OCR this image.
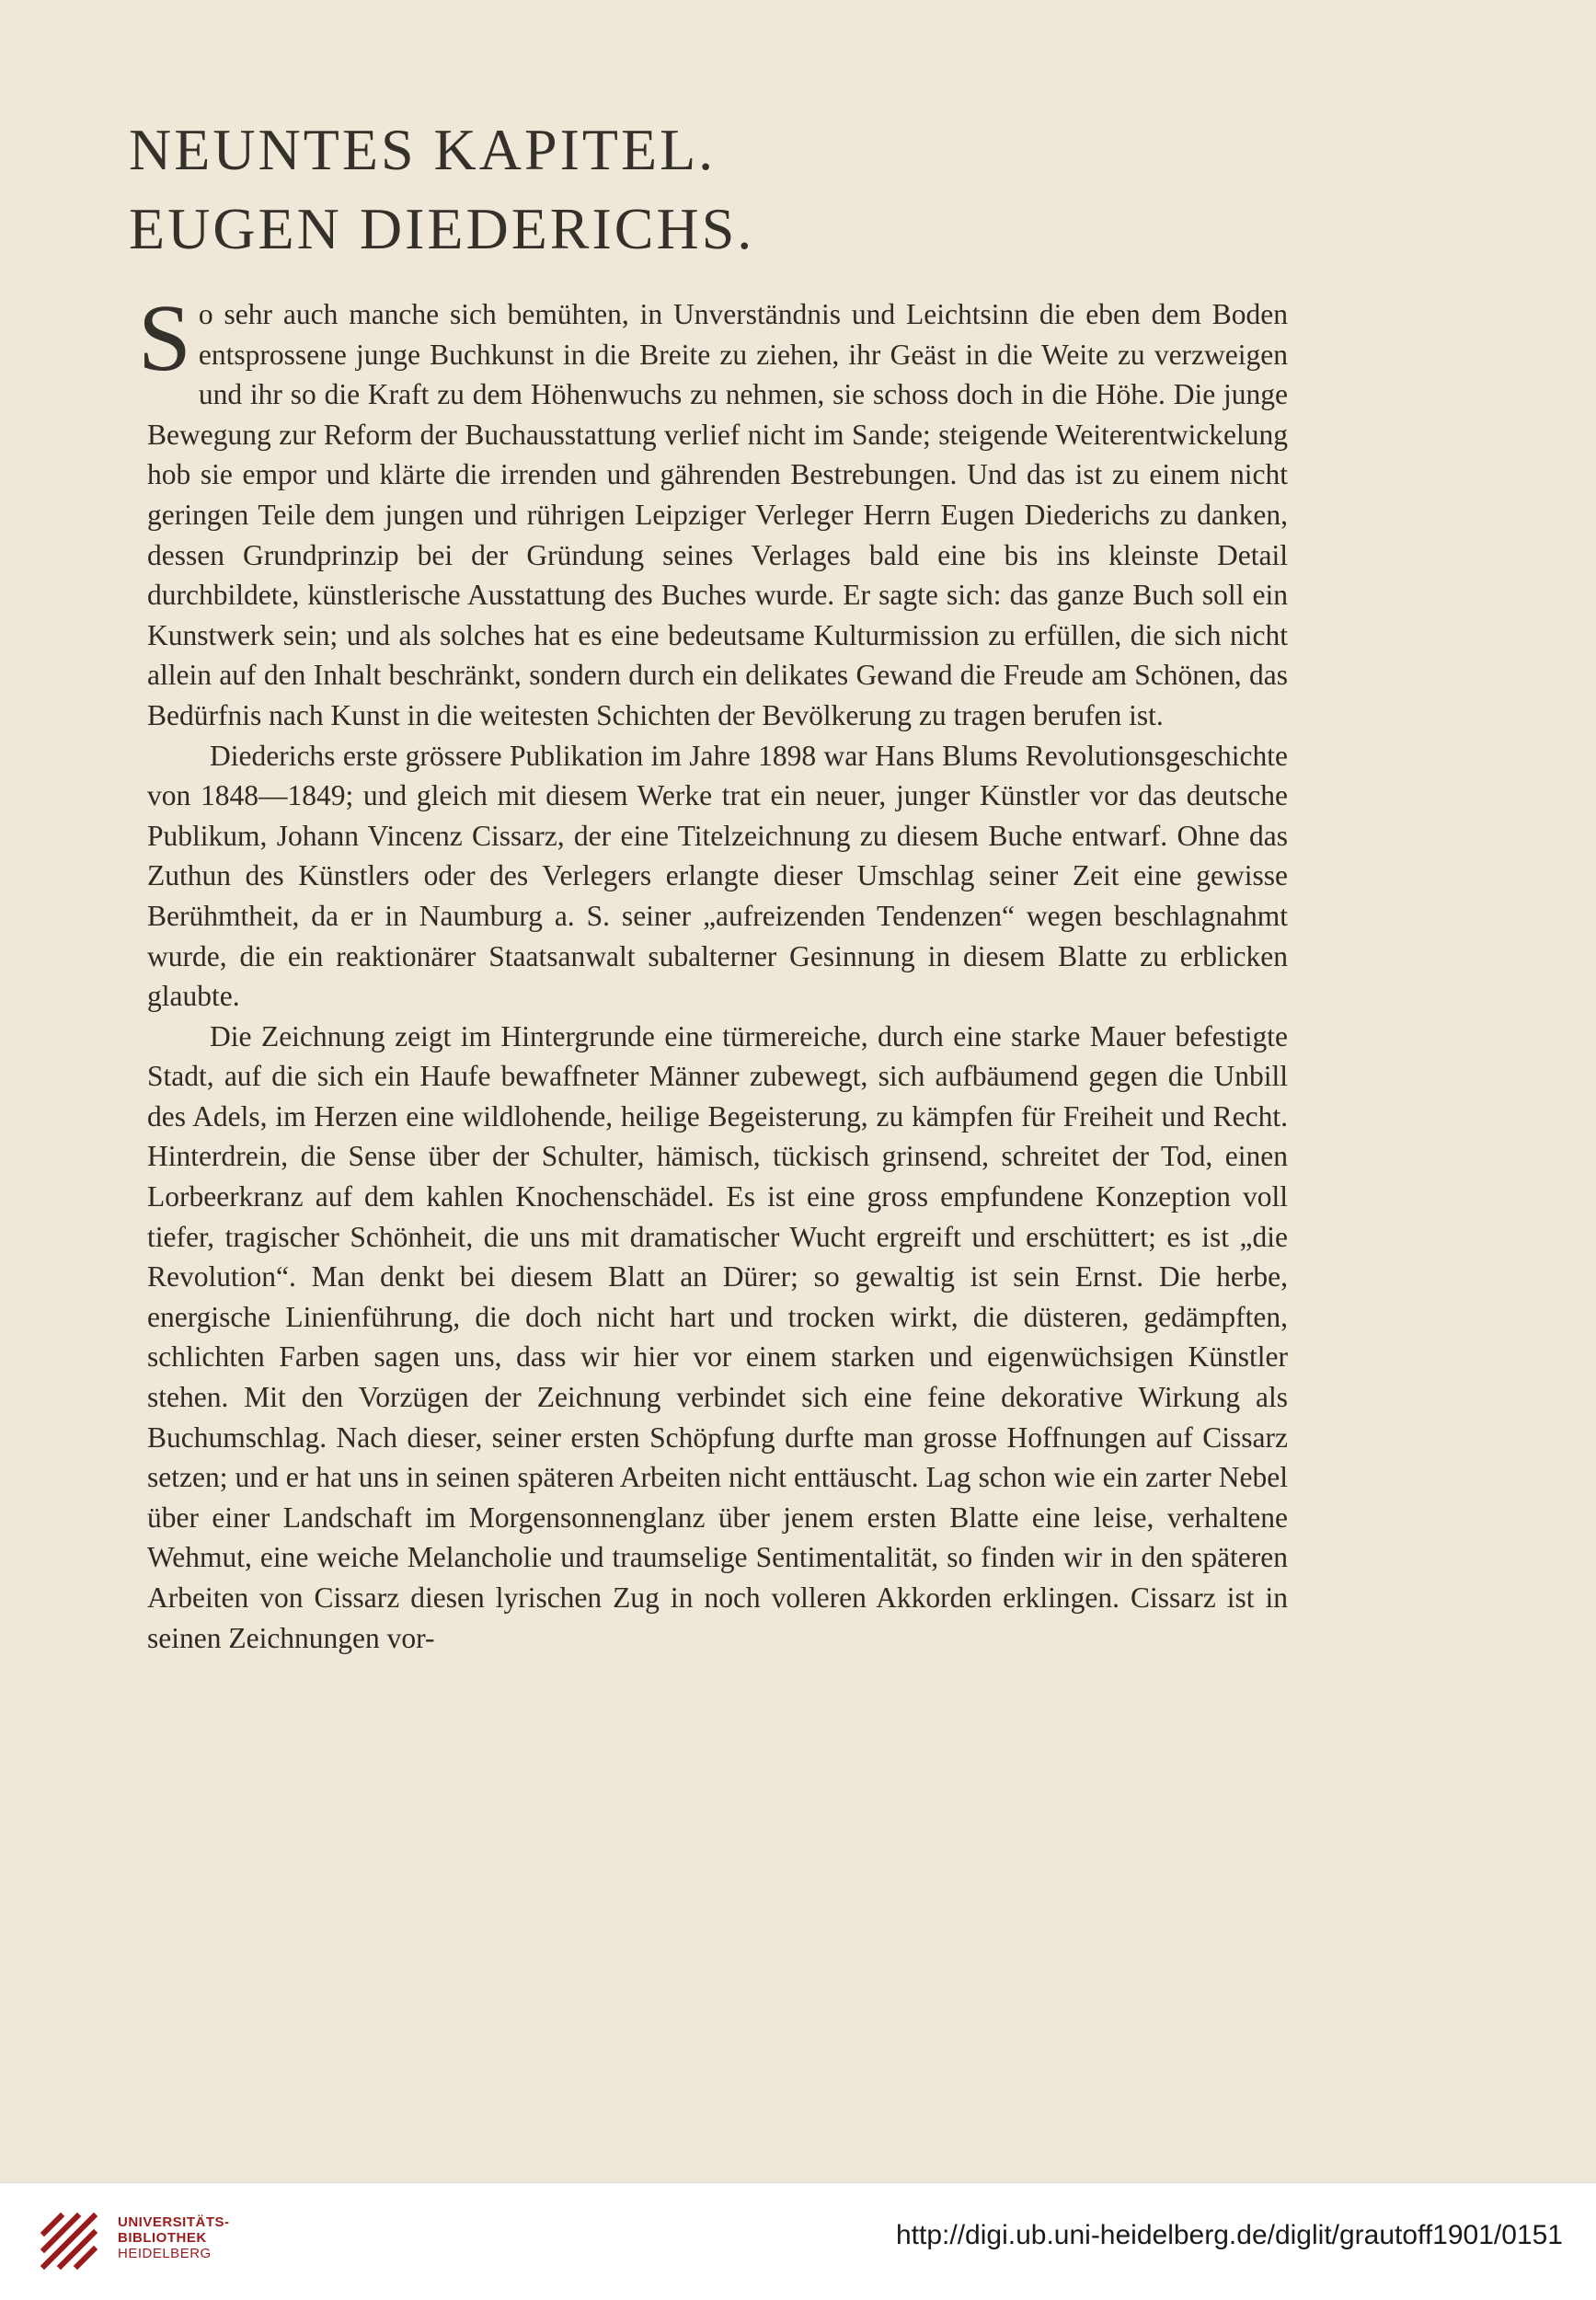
NEUNTES KAPITEL.
EUGEN DIEDERICHS.

So sehr auch manche sich bemühten, in Unverständnis und Leichtsinn die eben dem Boden entsprossene junge Buchkunst in die Breite zu ziehen, ihr Geäst in die Weite zu verzweigen und ihr so die Kraft zu dem Höhenwuchs zu nehmen, sie schoss doch in die Höhe. Die junge Bewegung zur Reform der Buchausstattung verlief nicht im Sande; steigende Weiterentwickelung hob sie empor und klärte die irrenden und gährenden Bestrebungen. Und das ist zu einem nicht geringen Teile dem jungen und rührigen Leipziger Verleger Herrn Eugen Diederichs zu danken, dessen Grundprinzip bei der Gründung seines Verlages bald eine bis ins kleinste Detail durchbildete, künstlerische Ausstattung des Buches wurde. Er sagte sich: das ganze Buch soll ein Kunstwerk sein; und als solches hat es eine bedeutsame Kulturmission zu erfüllen, die sich nicht allein auf den Inhalt beschränkt, sondern durch ein delikates Gewand die Freude am Schönen, das Bedürfnis nach Kunst in die weitesten Schichten der Bevölkerung zu tragen berufen ist.

Diederichs erste grössere Publikation im Jahre 1898 war Hans Blums Revolutionsgeschichte von 1848—1849; und gleich mit diesem Werke trat ein neuer, junger Künstler vor das deutsche Publikum, Johann Vincenz Cissarz, der eine Titelzeichnung zu diesem Buche entwarf. Ohne das Zuthun des Künstlers oder des Verlegers erlangte dieser Umschlag seiner Zeit eine gewisse Berühmtheit, da er in Naumburg a. S. seiner „aufreizenden Tendenzen“ wegen beschlagnahmt wurde, die ein reaktionärer Staatsanwalt subalterner Gesinnung in diesem Blatte zu erblicken glaubte.

Die Zeichnung zeigt im Hintergrunde eine türmereiche, durch eine starke Mauer befestigte Stadt, auf die sich ein Haufe bewaffneter Männer zubewegt, sich aufbäumend gegen die Unbill des Adels, im Herzen eine wildlohende, heilige Begeisterung, zu kämpfen für Freiheit und Recht. Hinterdrein, die Sense über der Schulter, hämisch, tückisch grinsend, schreitet der Tod, einen Lorbeerkranz auf dem kahlen Knochenschädel. Es ist eine gross empfundene Konzeption voll tiefer, tragischer Schönheit, die uns mit dramatischer Wucht ergreift und erschüttert; es ist „die Revolution“. Man denkt bei diesem Blatt an Dürer; so gewaltig ist sein Ernst. Die herbe, energische Linienführung, die doch nicht hart und trocken wirkt, die düsteren, gedämpften, schlichten Farben sagen uns, dass wir hier vor einem starken und eigenwüchsigen Künstler stehen. Mit den Vorzügen der Zeichnung verbindet sich eine feine dekorative Wirkung als Buchumschlag. Nach dieser, seiner ersten Schöpfung durfte man grosse Hoffnungen auf Cissarz setzen; und er hat uns in seinen späteren Arbeiten nicht enttäuscht. Lag schon wie ein zarter Nebel über einer Landschaft im Morgensonnenglanz über jenem ersten Blatte eine leise, verhaltene Wehmut, eine weiche Melancholie und traumselige Sentimentalität, so finden wir in den späteren Arbeiten von Cissarz diesen lyrischen Zug in noch volleren Akkorden erklingen. Cissarz ist in seinen Zeichnungen vor-

UNIVERSITÄTS-
BIBLIOTHEK
HEIDELBERG
http://digi.ub.uni-heidelberg.de/diglit/grautoff1901/0151
